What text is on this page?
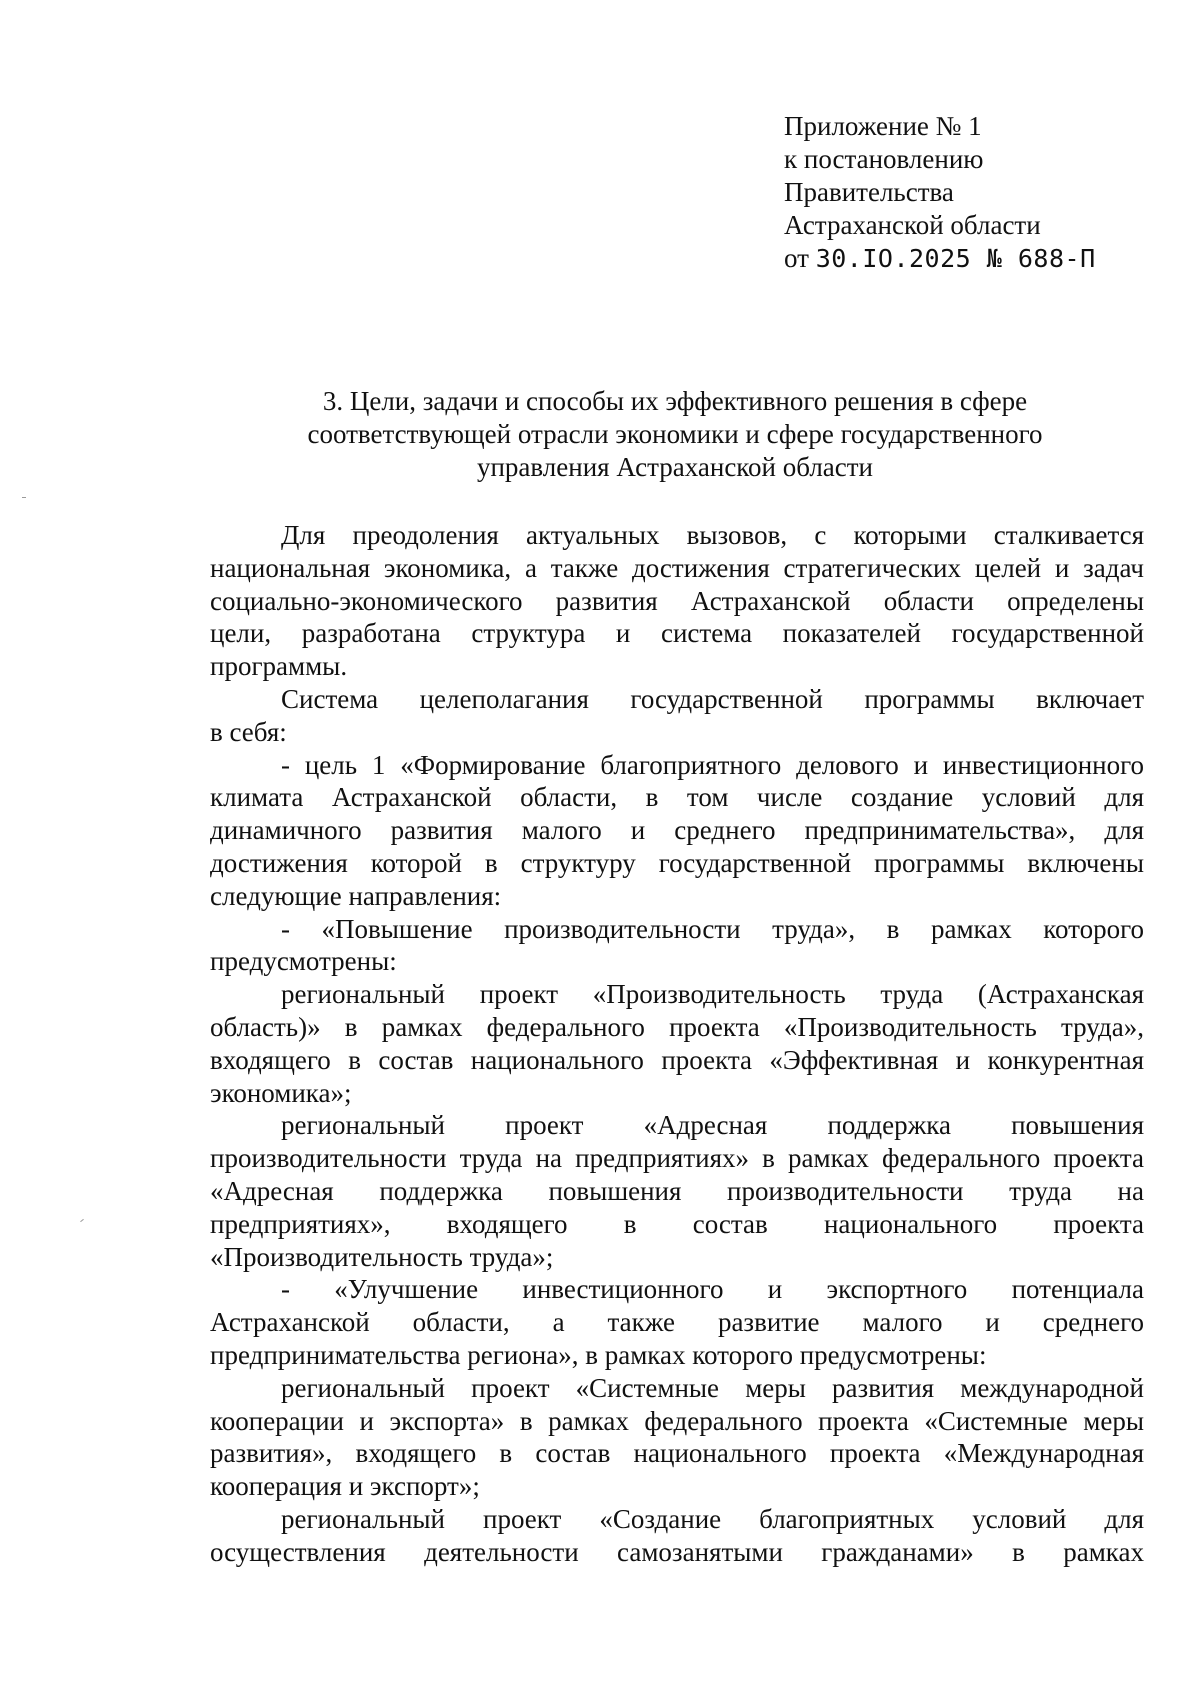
Приложение № 1
к постановлению
Правительства
Астраханской области
от 30.IO.2025 № 688-П
3. Цели, задачи и способы их эффективного решения в сфере
соответствующей отрасли экономики и сфере государственного
управления Астраханской области
Для преодоления актуальных вызовов, с которыми сталкивается
национальная экономика, а также достижения стратегических целей и задач
социально-экономического развития Астраханской области определены
цели, разработана структура и система показателей государственной
программы.
Система целеполагания государственной программы включает
в себя:
- цель 1 «Формирование благоприятного делового и инвестиционного
климата Астраханской области, в том числе создание условий для
динамичного развития малого и среднего предпринимательства», для
достижения которой в структуру государственной программы включены
следующие направления:
- «Повышение производительности труда», в рамках которого
предусмотрены:
региональный проект «Производительность труда (Астраханская
область)» в рамках федерального проекта «Производительность труда»,
входящего в состав национального проекта «Эффективная и конкурентная
экономика»;
региональный проект «Адресная поддержка повышения
производительности труда на предприятиях» в рамках федерального проекта
«Адресная поддержка повышения производительности труда на
предприятиях», входящего в состав национального проекта
«Производительность труда»;
- «Улучшение инвестиционного и экспортного потенциала
Астраханской области, а также развитие малого и среднего
предпринимательства региона», в рамках которого предусмотрены:
региональный проект «Системные меры развития международной
кооперации и экспорта» в рамках федерального проекта «Системные меры
развития», входящего в состав национального проекта «Международная
кооперация и экспорт»;
региональный проект «Создание благоприятных условий для
осуществления деятельности самозанятыми гражданами» в рамках
